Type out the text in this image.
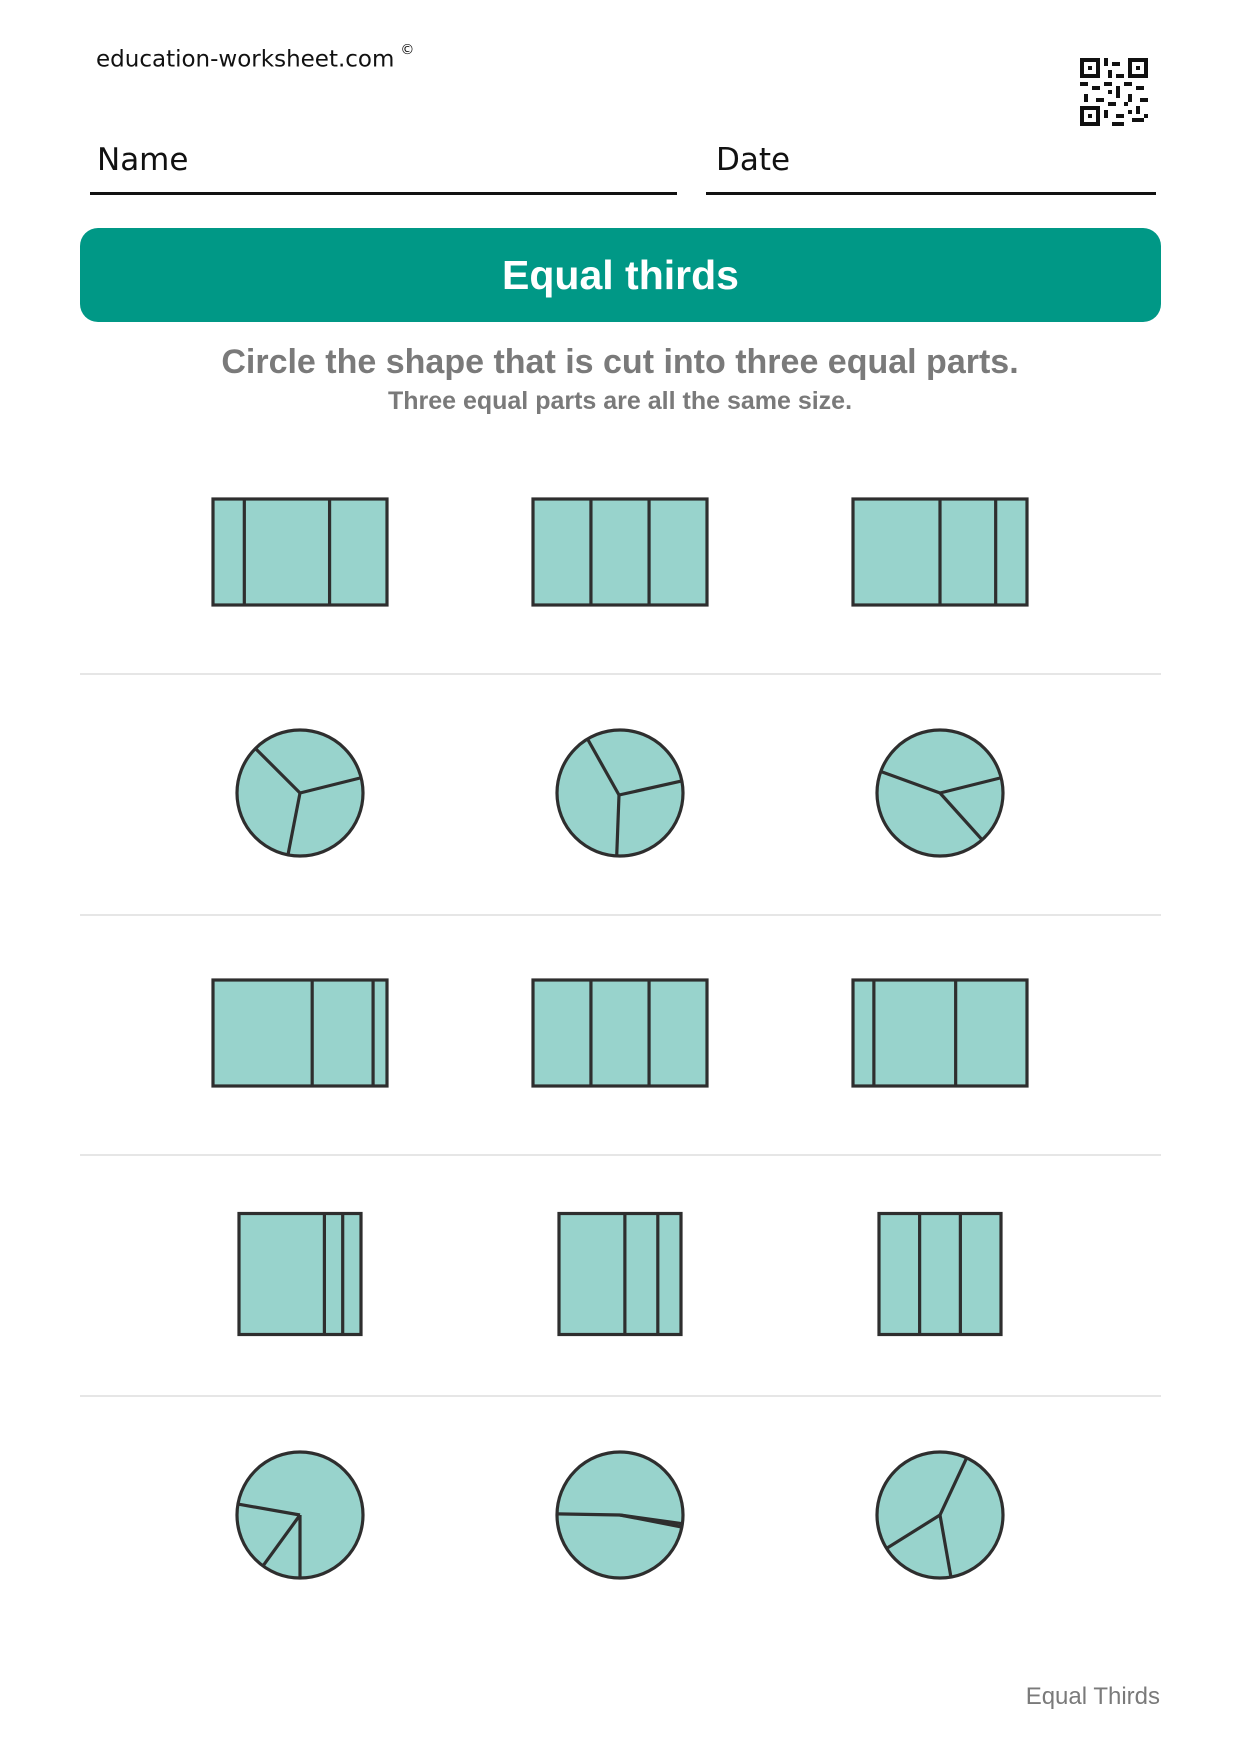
education-worksheet.com ©
Name	Date
Equal thirds
Circle the shape that is cut into three equal parts.
Three equal parts are all the same size.
Equal Thirds
